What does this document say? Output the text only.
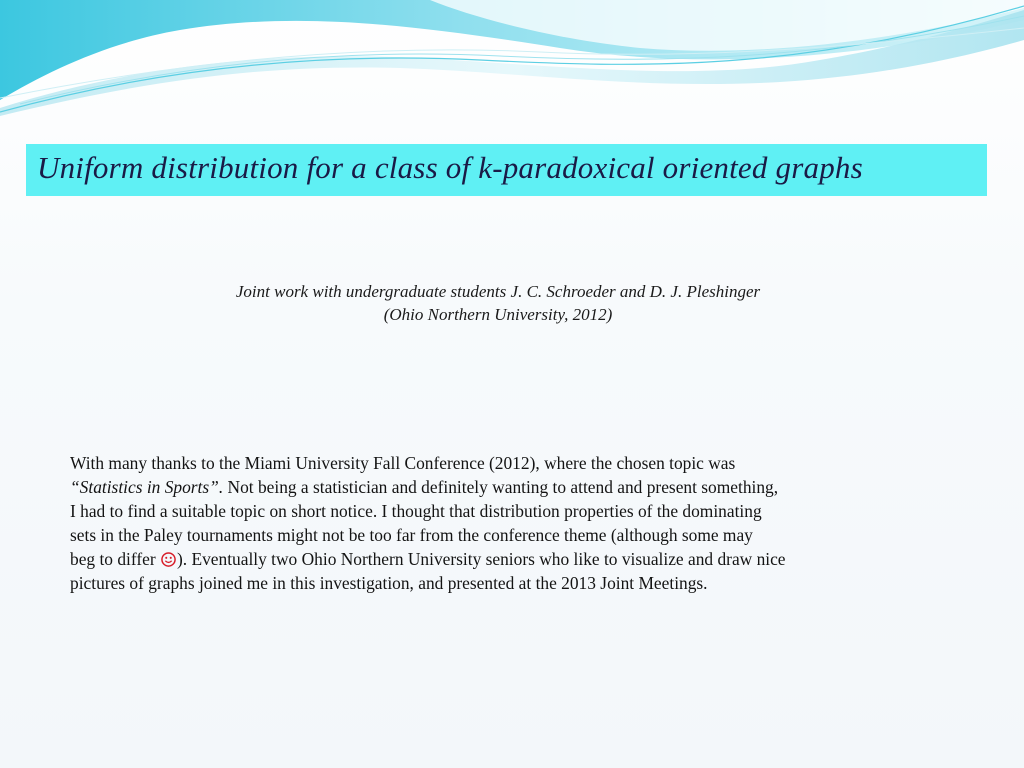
Uniform distribution for a class of k-paradoxical oriented graphs
Joint work with undergraduate students J. C. Schroeder and D. J. Pleshinger
(Ohio Northern University, 2012)
With many thanks to the Miami University Fall Conference (2012), where the chosen topic was
“Statistics in Sports”. Not being a statistician and definitely wanting to attend and present something,
I had to find a suitable topic on short notice. I thought that distribution properties of the dominating
sets in the Paley tournaments might not be too far from the conference theme (although some may
beg to differ ). Eventually two Ohio Northern University seniors who like to visualize and draw nice
pictures of graphs joined me in this investigation, and presented at the 2013 Joint Meetings.
